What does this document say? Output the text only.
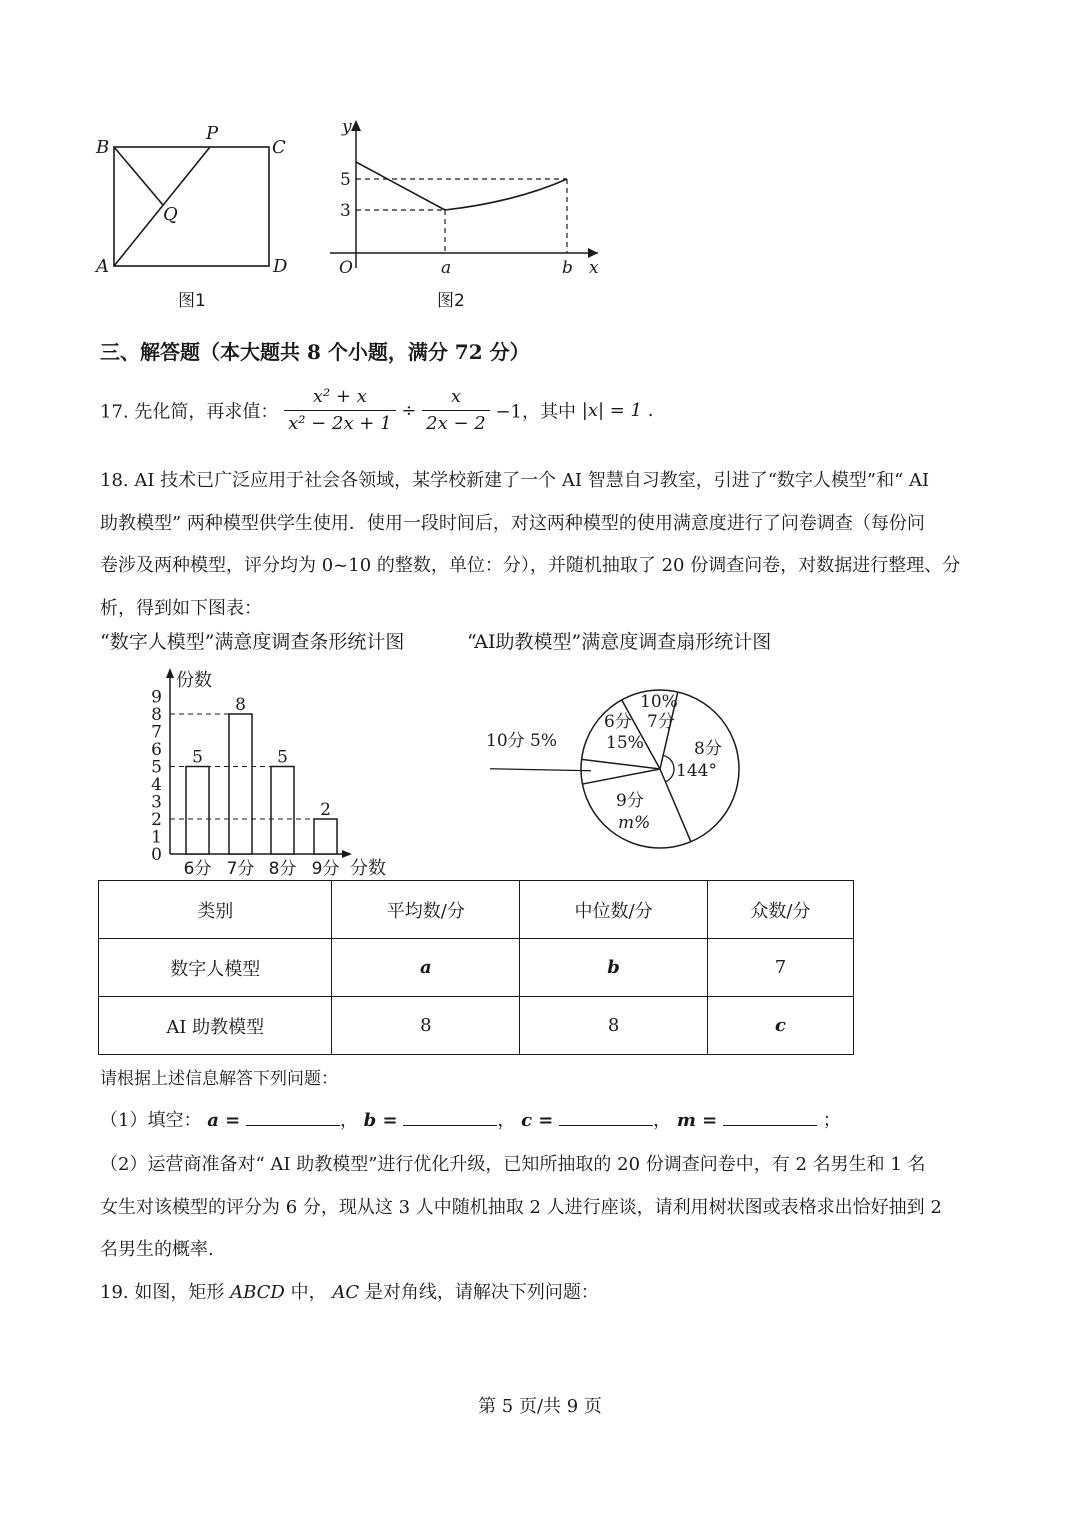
B
P
C
Q
A	D
图1
y
5
3
O	a	b x
图2
三、解答题（本大题共 8 个小题，满分 72 分）
17. 先化简，再求值： $\frac{\text{x² + x}}{\text{x² − 2x + 1}} \div \frac{x}{2x - 2} -1$，其中 |x| = 1 .
18. AI 技术已广泛应用于社会各领域，某学校新建了一个 AI 智慧自习教室，引进了“数字人模型”和“ AI
助教模型” 两种模型供学生使用．使用一段时间后，对这两种模型的使用满意度进行了问卷调查（每份问
卷涉及两种模型，评分均为 0~10 的整数，单位：分），并随机抽取了 20 份调查问卷，对数据进行整理、分
析，得到如下图表：
“数字人模型”满意度调查条形统计图	“AI助教模型”满意度调查扇形统计图
0
1
2
3
4
5
6
7
8
9
份数
5
6分
8
7分
5
8分
2
9分 分数
8分
144°
9分
m%
10分 5%
6分
15%
10%
7分
类别	平均数/分	中位数/分	众数/分
数字人模型	a	b	7
AI 助教模型	8	8	c
请根据上述信息解答下列问题：
（1）填空： a =	， b =	， c =	， m =	；
（2）运营商准备对“ AI 助教模型”进行优化升级，已知所抽取的 20 份调查问卷中，有 2 名男生和 1 名
女生对该模型的评分为 6 分，现从这 3 人中随机抽取 2 人进行座谈，请利用树状图或表格求出恰好抽到 2
名男生的概率.
19. 如图，矩形 ABCD 中， AC 是对角线，请解决下列问题：
第 5 页/共 9 页
